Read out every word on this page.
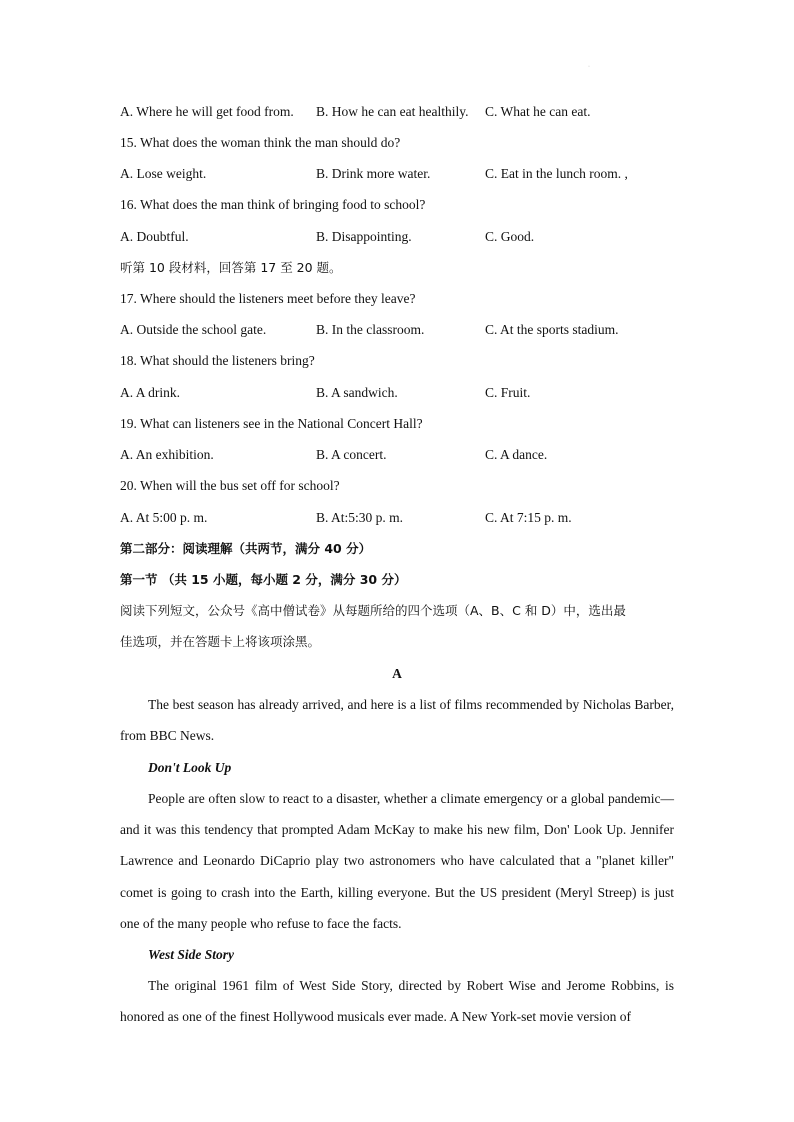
·
A. Where he will get food from. B. How he can eat healthily. C. What he can eat.
15. What does the woman think the man should do?
A. Lose weight.	B. Drink more water.	C. Eat in the lunch room. ,
16. What does the man think of bringing food to school?
A. Doubtful.	B. Disappointing.	C. Good.
听第 10 段材料，回答第 17 至 20 题。
17. Where should the listeners meet before they leave?
A. Outside the school gate.	B. In the classroom.	C. At the sports stadium.
18. What should the listeners bring?
A. A drink.	B. A sandwich.	C. Fruit.
19. What can listeners see in the National Concert Hall?
A. An exhibition.	B. A concert.	C. A dance.
20. When will the bus set off for school?
A. At 5:00 p. m.	B. At:5:30 p. m.	C. At 7:15 p. m.
第二部分：阅读理解（共两节，满分 40 分）
第一节 （共 15 小题，每小题 2 分，满分 30 分）
阅读下列短文，公众号《高中僧试卷》从每题所给的四个选项（A、B、C 和 D）中，选出最
佳选项，并在答题卡上将该项涂黑。
A
The best season has already arrived, and here is a list of films recommended by Nicholas Barber, from BBC News.
Don't Look Up
People are often slow to react to a disaster, whether a climate emergency or a global pandemic—and it was this tendency that prompted Adam McKay to make his new film, Don' Look Up. Jennifer Lawrence and Leonardo DiCaprio play two astronomers who have calculated that a "planet killer" comet is going to crash into the Earth, killing everyone. But the US president (Meryl Streep) is just one of the many people who refuse to face the facts.
West Side Story
The original 1961 film of West Side Story, directed by Robert Wise and Jerome Robbins, is honored as one of the finest Hollywood musicals ever made. A New York-set movie version of
